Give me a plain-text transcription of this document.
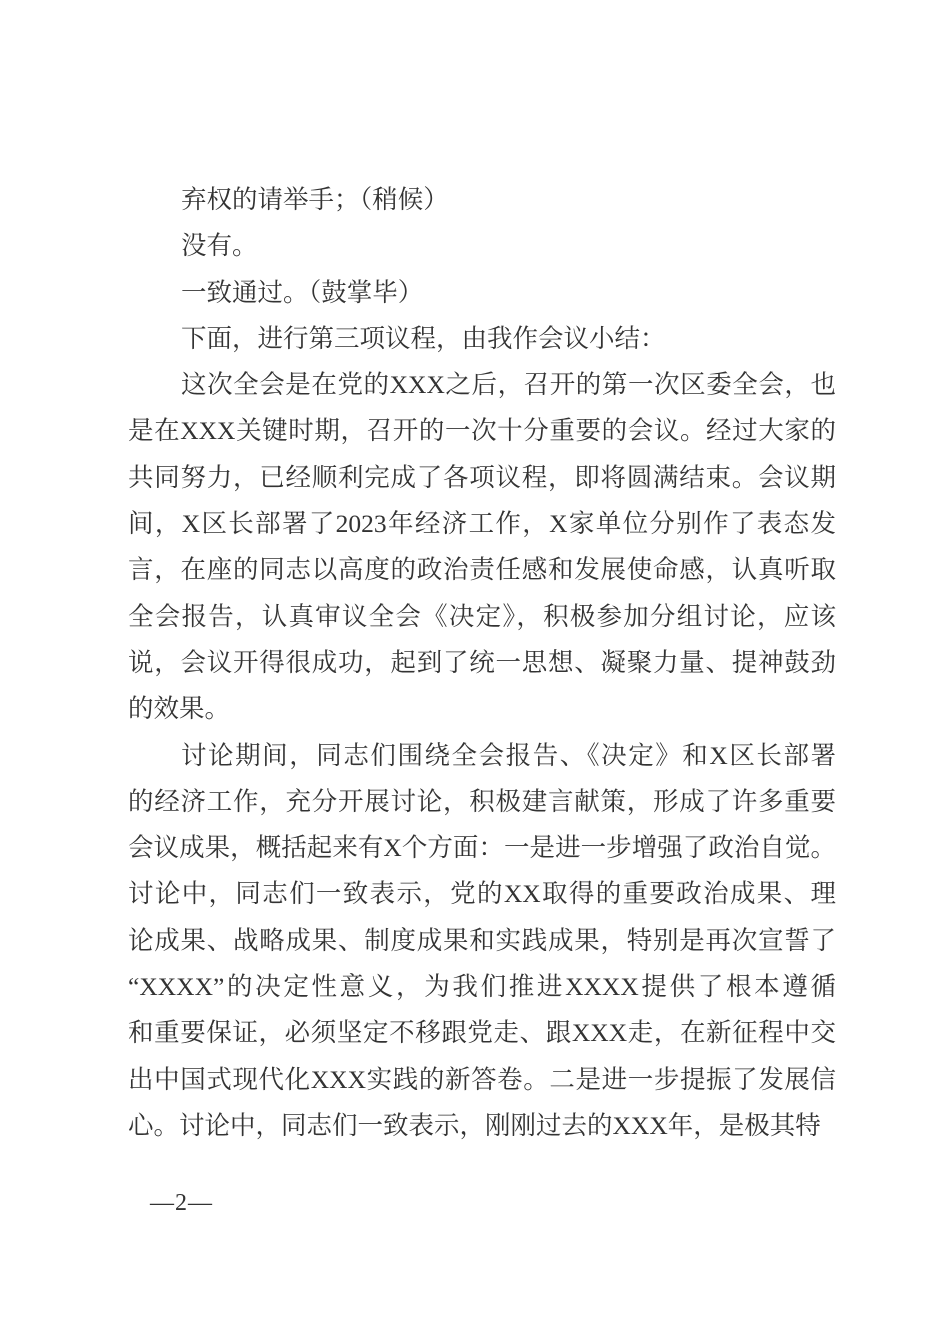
弃权的请举手；（稍候）
没有。
一致通过。（鼓掌毕）
下面，进行第三项议程，由我作会议小结：
这次全会是在党的XXX之后，召开的第一次区委全会，也
是在XXX关键时期，召开的一次十分重要的会议。经过大家的
共同努力，已经顺利完成了各项议程，即将圆满结束。会议期
间，X区长部署了2023年经济工作，X家单位分别作了表态发
言，在座的同志以高度的政治责任感和发展使命感，认真听取
全会报告，认真审议全会《决定》，积极参加分组讨论，应该
说，会议开得很成功，起到了统一思想、凝聚力量、提神鼓劲
的效果。
讨论期间，同志们围绕全会报告、《决定》和X区长部署
的经济工作，充分开展讨论，积极建言献策，形成了许多重要
会议成果，概括起来有X个方面：一是进一步增强了政治自觉。
讨论中，同志们一致表示，党的XX取得的重要政治成果、理
论成果、战略成果、制度成果和实践成果，特别是再次宣誓了
“XXXX”的决定性意义，为我们推进XXXX提供了根本遵循
和重要保证，必须坚定不移跟党走、跟XXX走，在新征程中交
出中国式现代化XXX实践的新答卷。二是进一步提振了发展信
心。讨论中，同志们一致表示，刚刚过去的XXX年，是极其特
—2—
